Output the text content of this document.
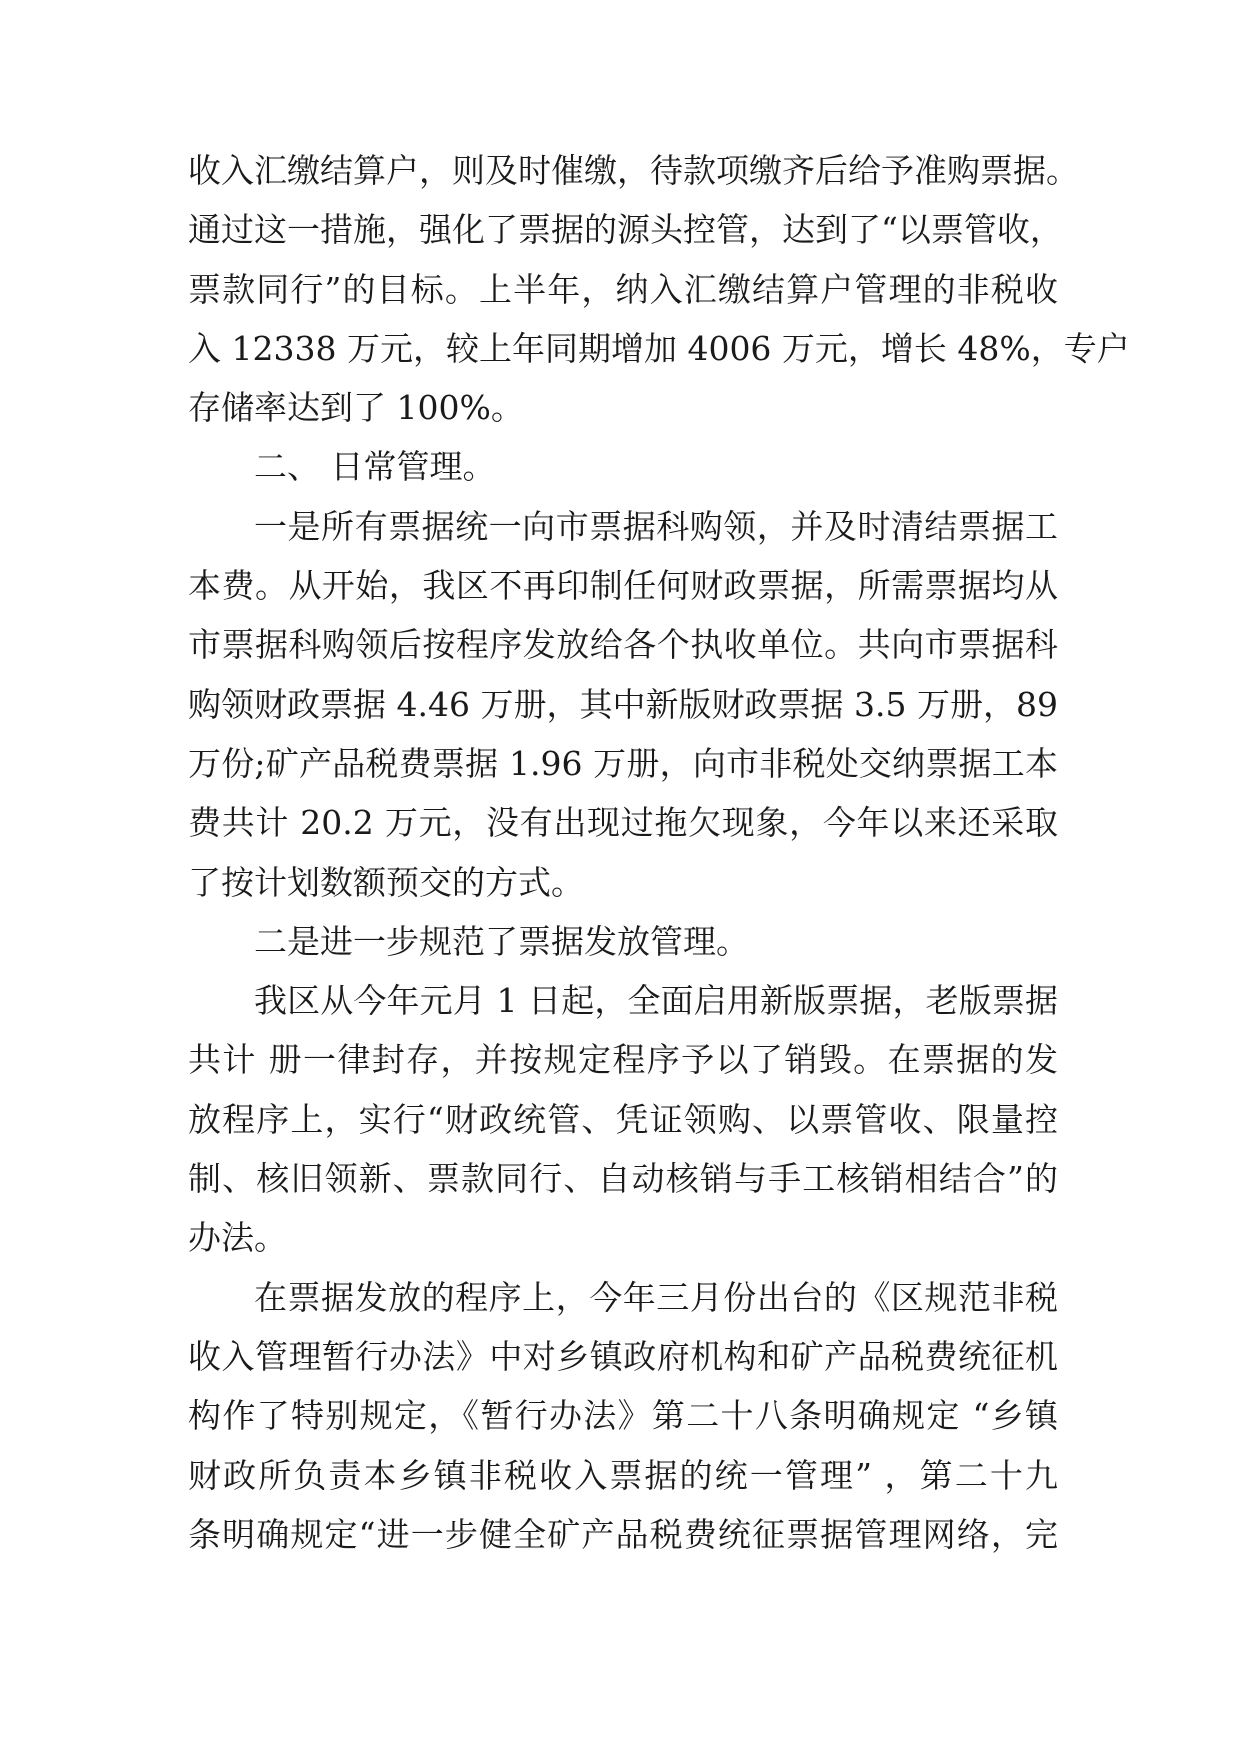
收入汇缴结算户，则及时催缴，待款项缴齐后给予准购票据。
通过这一措施，强化了票据的源头控管，达到了“以票管收，
票款同行”的目标。上半年，纳入汇缴结算户管理的非税收
入 12338 万元，较上年同期增加 4006 万元，增长 48%，专户
存储率达到了 100%。
二、 日常管理。
一是所有票据统一向市票据科购领，并及时清结票据工
本费。从开始，我区不再印制任何财政票据，所需票据均从
市票据科购领后按程序发放给各个执收单位。共向市票据科
购领财政票据 4.46 万册，其中新版财政票据 3.5 万册，89
万份;矿产品税费票据 1.96 万册，向市非税处交纳票据工本
费共计 20.2 万元，没有出现过拖欠现象，今年以来还采取
了按计划数额预交的方式。
二是进一步规范了票据发放管理。
我区从今年元月 1 日起，全面启用新版票据，老版票据
共计 册一律封存，并按规定程序予以了销毁。在票据的发
放程序上，实行“财政统管、凭证领购、以票管收、限量控
制、核旧领新、票款同行、自动核销与手工核销相结合”的
办法。
在票据发放的程序上，今年三月份出台的《区规范非税
收入管理暂行办法》中对乡镇政府机构和矿产品税费统征机
构作了特别规定，《暂行办法》第二十八条明确规定 “乡镇
财政所负责本乡镇非税收入票据的统一管理” ，第二十九
条明确规定“进一步健全矿产品税费统征票据管理网络，完
